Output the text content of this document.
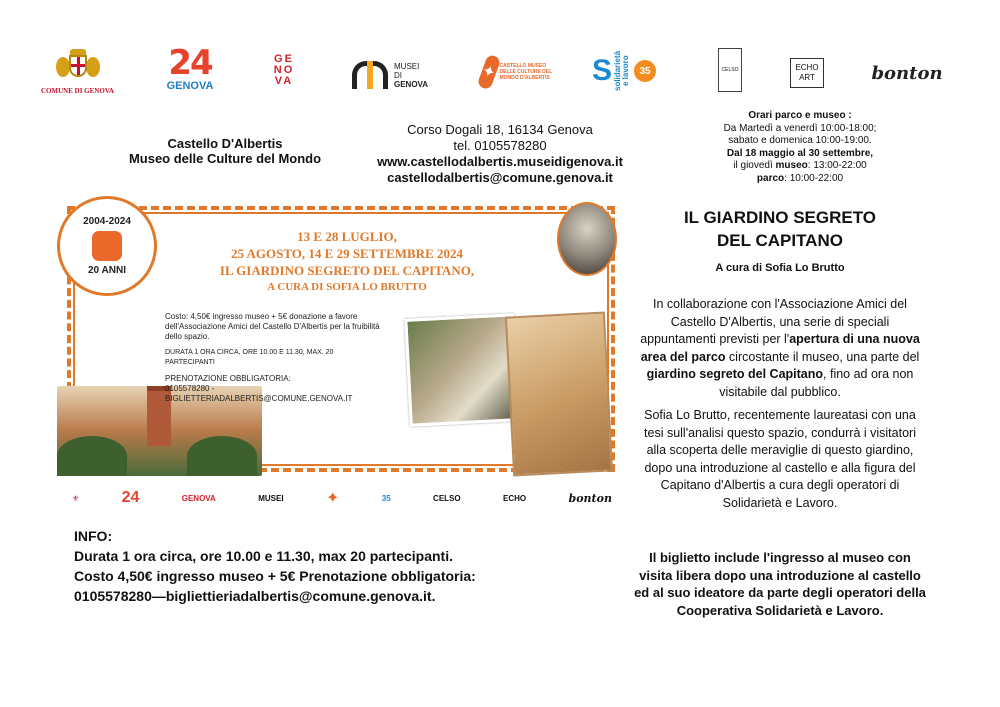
COMUNE DI GENOVA
24
GENOVA
GE
NO
VA
MUSEI
DI
GENOVA
✦ CASTELLO MUSEO DELLE CULTURE DEL MONDO D'ALBERTIS	S solidarietà e lavoro 35	CELSO	ECHO
ART	bonton
Castello D'Albertis
Museo delle Culture del Mondo
Corso Dogali 18, 16134 Genova
tel. 0105578280
www.castellodalbertis.museidigenova.it
castellodalbertis@comune.genova.it
Orari parco e museo :
Da Martedì a venerdì 10:00-18:00;
sabato e domenica 10:00-19:00.
Dal 18 maggio al 30 settembre,
il giovedì museo: 13:00-22:00
parco: 10:00-22:00
2004-2024
20 ANNI
13 E 28 LUGLIO,
25 AGOSTO, 14 E 29 SETTEMBRE 2024
IL GIARDINO SEGRETO DEL CAPITANO,
A CURA DI SOFIA LO BRUTTO

Costo: 4,50€ ingresso museo + 5€ donazione a favore dell'Associazione Amici del Castello D'Albertis per la fruibilità dello spazio.

DURATA 1 ORA CIRCA, ORE 10.00 E 11.30, MAX. 20 PARTECIPANTI

PRENOTAZIONE OBBLIGATORIA:
0105578280 -
BIGLIETTERIADALBERTIS@COMUNE.GENOVA.IT
⚜	24	GENOVA	MUSEI	✦	35	CELSO	ECHO	bonton
INFO:
Durata 1 ora circa, ore 10.00 e 11.30, max 20 partecipanti.
Costo 4,50€ ingresso museo + 5€ Prenotazione obbligatoria:
0105578280—bigliettieriadalbertis@comune.genova.it.
IL GIARDINO SEGRETO
DEL CAPITANO
A cura di Sofia Lo Brutto

In collaborazione con l'Associazione Amici del Castello D'Albertis, una serie di speciali appuntamenti previsti per l'apertura di una nuova area del parco circostante il museo, una parte del giardino segreto del Capitano, fino ad ora non visitabile dal pubblico.

Sofia Lo Brutto, recentemente laureatasi con una tesi sull'analisi questo spazio, condurrà i visitatori alla scoperta delle meraviglie di questo giardino, dopo una introduzione al castello e alla figura del Capitano d'Albertis a cura degli operatori di Solidarietà e Lavoro.

Il biglietto include l'ingresso al museo con visita libera dopo una introduzione al castello ed al suo ideatore da parte degli operatori della Cooperativa Solidarietà e Lavoro.
